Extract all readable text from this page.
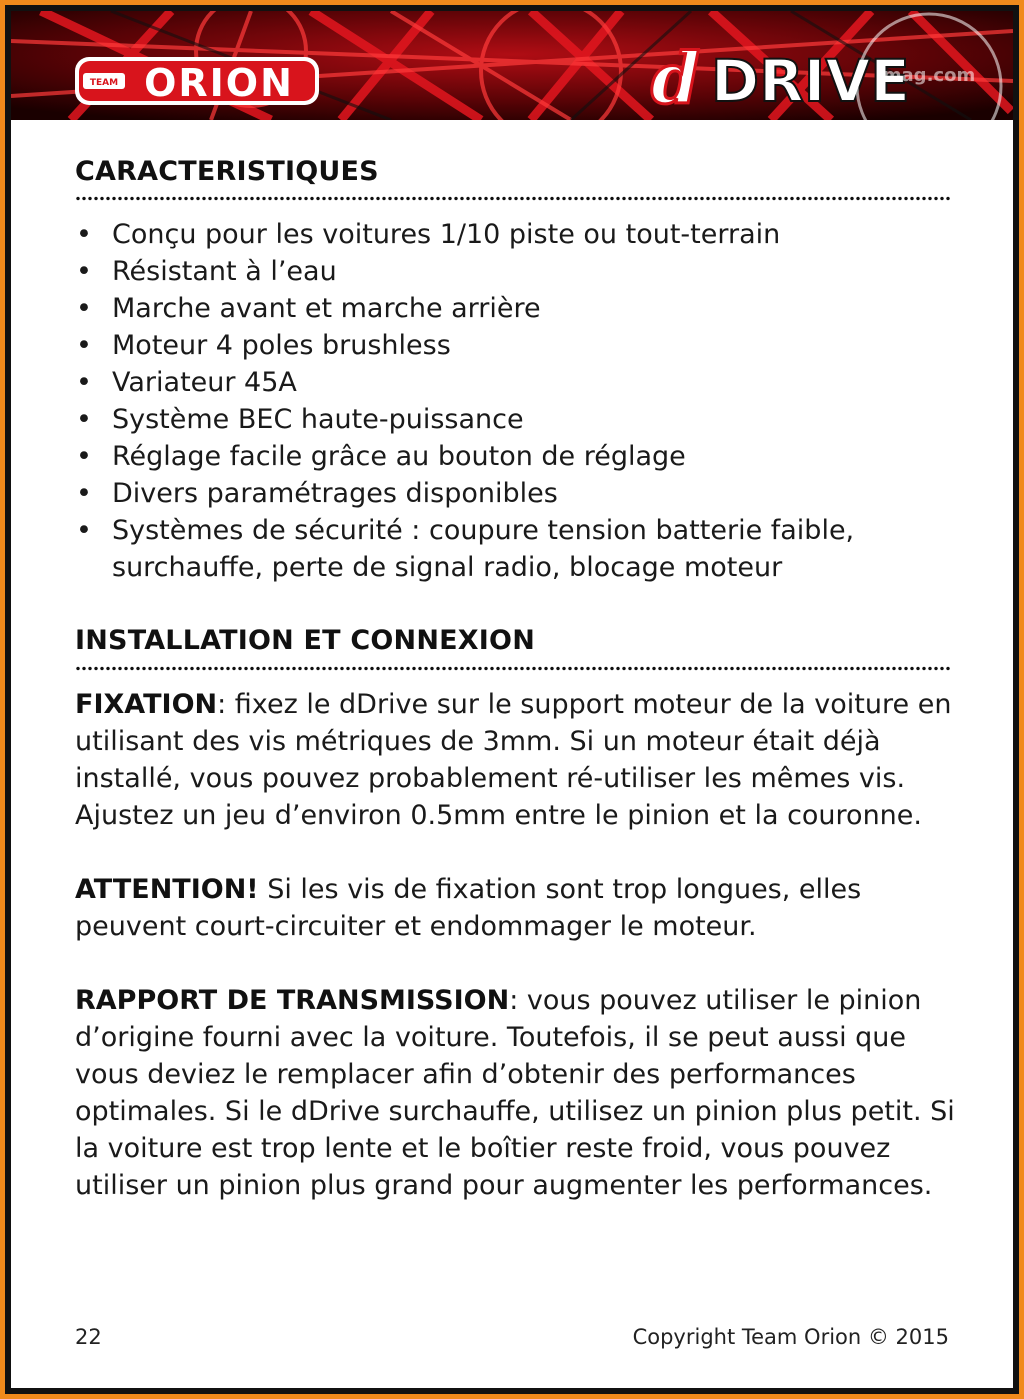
TEAM ORION	d DRIVE
mag.com
CARACTERISTIQUES
• Conçu pour les voitures 1/10 piste ou tout-terrain
• Résistant à l’eau
• Marche avant et marche arrière
• Moteur 4 poles brushless
• Variateur 45A
• Système BEC haute-puissance
• Réglage facile grâce au bouton de réglage
• Divers paramétrages disponibles
• Systèmes de sécurité : coupure tension batterie faible, surchauffe, perte de signal radio, blocage moteur
INSTALLATION ET CONNEXION

FIXATION: fixez le dDrive sur le support moteur de la voiture en utilisant des vis métriques de 3mm. Si un moteur était déjà installé, vous pouvez probablement ré-utiliser les mêmes vis. Ajustez un jeu d’environ 0.5mm entre le pinion et la couronne.

ATTENTION! Si les vis de fixation sont trop longues, elles peuvent court-circuiter et endommager le moteur.

RAPPORT DE TRANSMISSION: vous pouvez utiliser le pinion d’origine fourni avec la voiture. Toutefois, il se peut aussi que vous deviez le remplacer afin d’obtenir des performances optimales. Si le dDrive surchauffe, utilisez un pinion plus petit. Si la voiture est trop lente et le boîtier reste froid, vous pouvez utiliser un pinion plus grand pour augmenter les performances.

22	Copyright Team Orion © 2015
